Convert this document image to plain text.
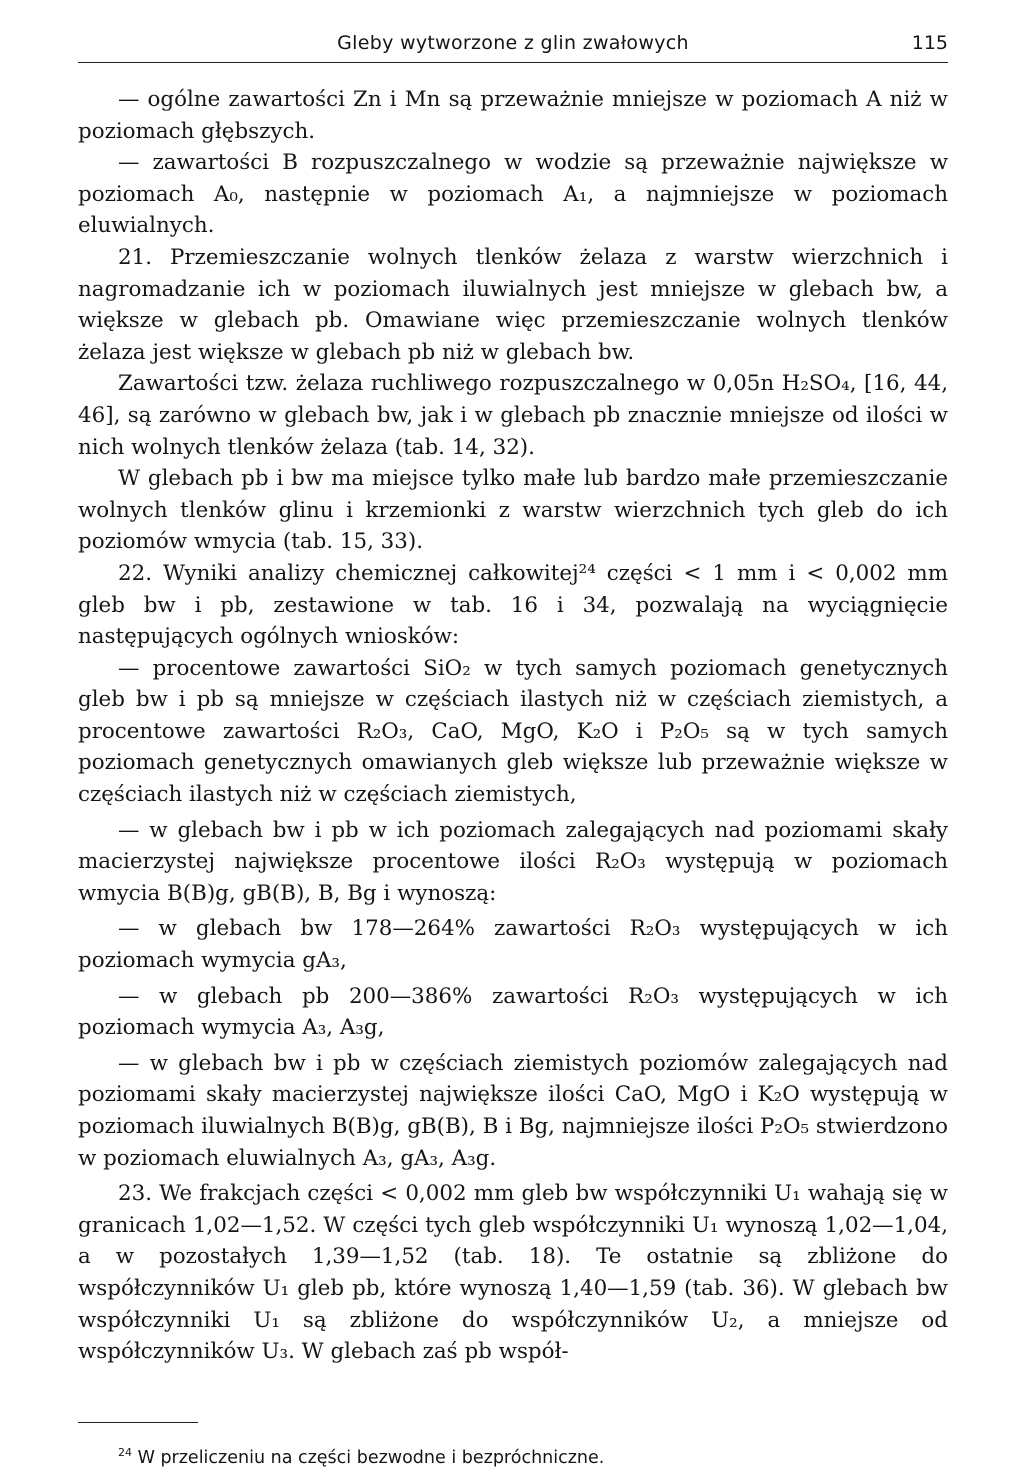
Gleby wytworzone z glin zwałowych	115

— ogólne zawartości Zn i Mn są przeważnie mniejsze w poziomach A niż w poziomach głębszych.

— zawartości B rozpuszczalnego w wodzie są przeważnie największe w poziomach A₀, następnie w poziomach A₁, a najmniejsze w poziomach eluwialnych.

21. Przemieszczanie wolnych tlenków żelaza z warstw wierzchnich i nagromadzanie ich w poziomach iluwialnych jest mniejsze w glebach bw, a większe w glebach pb. Omawiane więc przemieszczanie wolnych tlenków żelaza jest większe w glebach pb niż w glebach bw.

Zawartości tzw. żelaza ruchliwego rozpuszczalnego w 0,05n H₂SO₄, [16, 44, 46], są zarówno w glebach bw, jak i w glebach pb znacznie mniejsze od ilości w nich wolnych tlenków żelaza (tab. 14, 32).

W glebach pb i bw ma miejsce tylko małe lub bardzo małe przemieszczanie wolnych tlenków glinu i krzemionki z warstw wierzchnich tych gleb do ich poziomów wmycia (tab. 15, 33).

22. Wyniki analizy chemicznej całkowitej²⁴ części < 1 mm i < 0,002 mm gleb bw i pb, zestawione w tab. 16 i 34, pozwalają na wyciągnięcie następujących ogólnych wniosków:

— procentowe zawartości SiO₂ w tych samych poziomach genetycznych gleb bw i pb są mniejsze w częściach ilastych niż w częściach ziemistych, a procentowe zawartości R₂O₃, CaO, MgO, K₂O i P₂O₅ są w tych samych poziomach genetycznych omawianych gleb większe lub przeważnie większe w częściach ilastych niż w częściach ziemistych,

— w glebach bw i pb w ich poziomach zalegających nad poziomami skały macierzystej największe procentowe ilości R₂O₃ występują w poziomach wmycia B(B)g, gB(B), B, Bg i wynoszą:

— w glebach bw 178—264% zawartości R₂O₃ występujących w ich poziomach wymycia gA₃,

— w glebach pb 200—386% zawartości R₂O₃ występujących w ich poziomach wymycia A₃, A₃g,

— w glebach bw i pb w częściach ziemistych poziomów zalegających nad poziomami skały macierzystej największe ilości CaO, MgO i K₂O występują w poziomach iluwialnych B(B)g, gB(B), B i Bg, najmniejsze ilości P₂O₅ stwierdzono w poziomach eluwialnych A₃, gA₃, A₃g.

23. We frakcjach części < 0,002 mm gleb bw współczynniki U₁ wahają się w granicach 1,02—1,52. W części tych gleb współczynniki U₁ wynoszą 1,02—1,04, a w pozostałych 1,39—1,52 (tab. 18). Te ostatnie są zbliżone do współczynników U₁ gleb pb, które wynoszą 1,40—1,59 (tab. 36). W glebach bw współczynniki U₁ są zbliżone do współczynników U₂, a mniejsze od współczynników U₃. W glebach zaś pb współ-

$^{24}$ W przeliczeniu na części bezwodne i bezpróchniczne.
